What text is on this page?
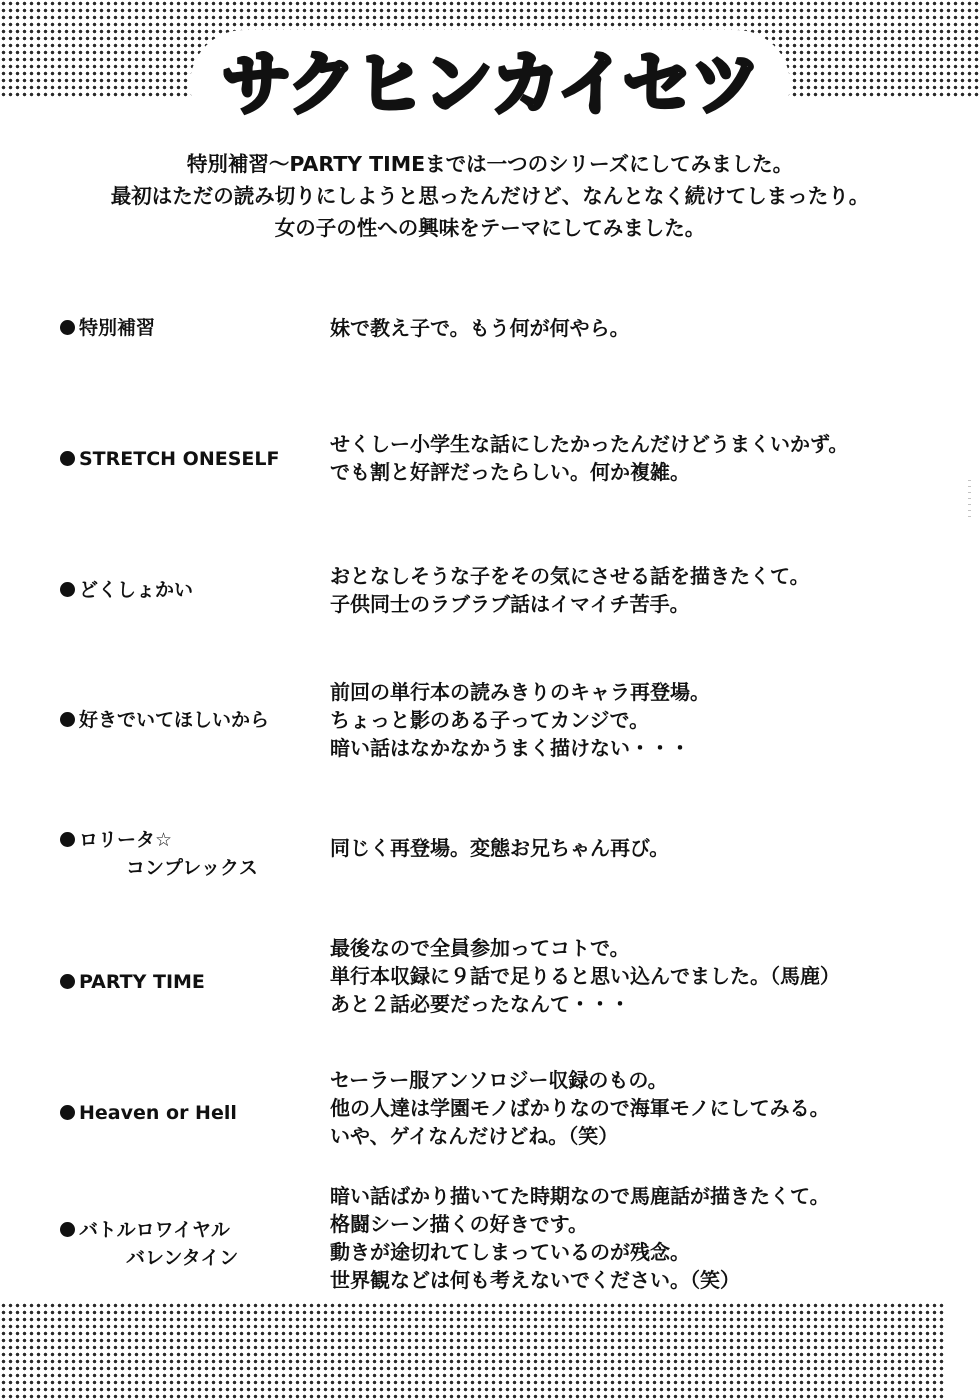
サクヒンカイセツ
特別補習～PARTY TIMEまでは一つのシリーズにしてみました。
最初はただの読み切りにしようと思ったんだけど、なんとなく続けてしまったり。
女の子の性への興味をテーマにしてみました。
特別補習	妹で教え子で。もう何が何やら。
STRETCH ONESELF
せくしー小学生な話にしたかったんだけどうまくいかず。
でも割と好評だったらしい。何か複雑。
どくしょかい
おとなしそうな子をその気にさせる話を描きたくて。
子供同士のラブラブ話はイマイチ苦手。
好きでいてほしいから
前回の単行本の読みきりのキャラ再登場。
ちょっと影のある子ってカンジで。
暗い話はなかなかうまく描けない・・・
ロリータ☆
コンプレックス
同じく再登場。変態お兄ちゃん再び。
PARTY TIME
最後なので全員参加ってコトで。
単行本収録に９話で足りると思い込んでました。（馬鹿）
あと２話必要だったなんて・・・
Heaven or Hell
セーラー服アンソロジー収録のもの。
他の人達は学園モノばかりなので海軍モノにしてみる。
いや、ゲイなんだけどね。（笑）
バトルロワイヤル
バレンタイン
暗い話ばかり描いてた時期なので馬鹿話が描きたくて。
格闘シーン描くの好きです。
動きが途切れてしまっているのが残念。
世界観などは何も考えないでください。（笑）
